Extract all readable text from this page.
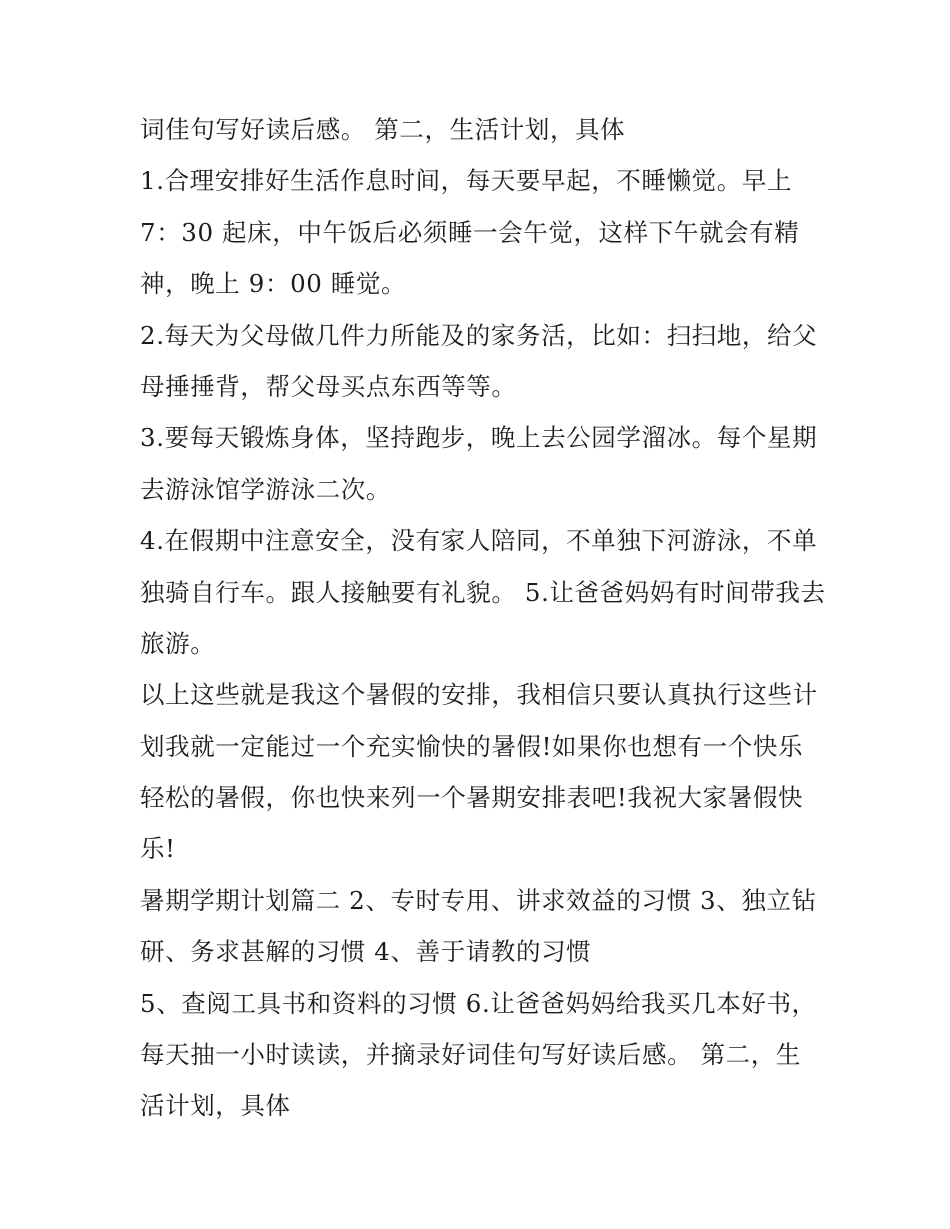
词佳句写好读后感。 第二，生活计划，具体
1.合理安排好生活作息时间，每天要早起，不睡懒觉。早上
7：30 起床，中午饭后必须睡一会午觉，这样下午就会有精
神，晚上 9：00 睡觉。
2.每天为父母做几件力所能及的家务活，比如：扫扫地，给父
母捶捶背，帮父母买点东西等等。
3.要每天锻炼身体，坚持跑步，晚上去公园学溜冰。每个星期
去游泳馆学游泳二次。
4.在假期中注意安全，没有家人陪同，不单独下河游泳，不单
独骑自行车。跟人接触要有礼貌。 5.让爸爸妈妈有时间带我去
旅游。
以上这些就是我这个暑假的安排，我相信只要认真执行这些计
划我就一定能过一个充实愉快的暑假!如果你也想有一个快乐
轻松的暑假，你也快来列一个暑期安排表吧!我祝大家暑假快
乐!
暑期学期计划篇二 2、专时专用、讲求效益的习惯 3、独立钻
研、务求甚解的习惯 4、善于请教的习惯
5、查阅工具书和资料的习惯 6.让爸爸妈妈给我买几本好书，
每天抽一小时读读，并摘录好词佳句写好读后感。 第二，生
活计划，具体
